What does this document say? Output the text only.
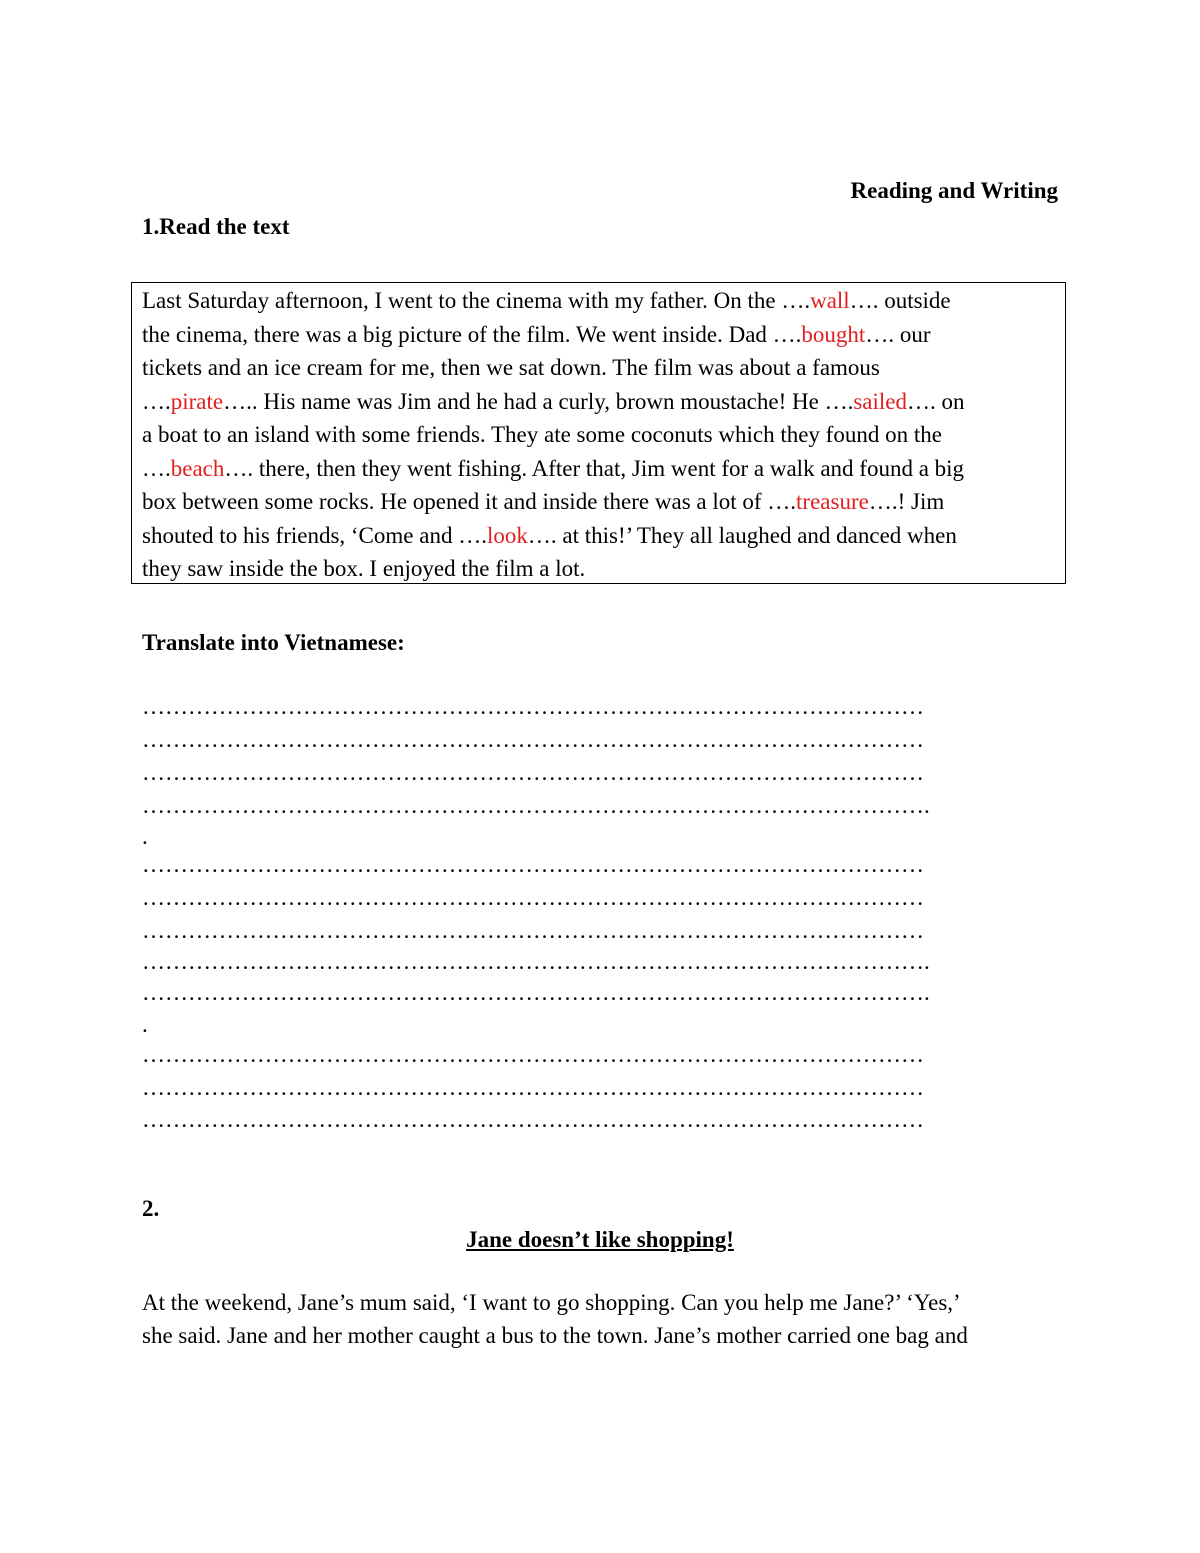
Reading and Writing
1.Read the text
Last Saturday afternoon, I went to the cinema with my father. On the ….wall…. outside
the cinema, there was a big picture of the film. We went inside. Dad ….bought…. our
tickets and an ice cream for me, then we sat down. The film was about a famous
….pirate….. His name was Jim and he had a curly, brown moustache! He ….sailed…. on
a boat to an island with some friends. They ate some coconuts which they found on the
….beach…. there, then they went fishing. After that, Jim went for a walk and found a big
box between some rocks. He opened it and inside there was a lot of ….treasure….! Jim
shouted to his friends, ‘Come and ….look…. at this!’ They all laughed and danced when
they saw inside the box. I enjoyed the film a lot.
Translate into Vietnamese:
…………………………………………………………………………………………
…………………………………………………………………………………………
…………………………………………………………………………………………
………………………………………………………………………………………….
.
…………………………………………………………………………………………
…………………………………………………………………………………………
…………………………………………………………………………………………
………………………………………………………………………………………….
………………………………………………………………………………………….
.
…………………………………………………………………………………………
…………………………………………………………………………………………
…………………………………………………………………………………………
2.
Jane doesn’t like shopping!
At the weekend, Jane’s mum said, ‘I want to go shopping. Can you help me Jane?’ ‘Yes,’
she said. Jane and her mother caught a bus to the town. Jane’s mother carried one bag and
